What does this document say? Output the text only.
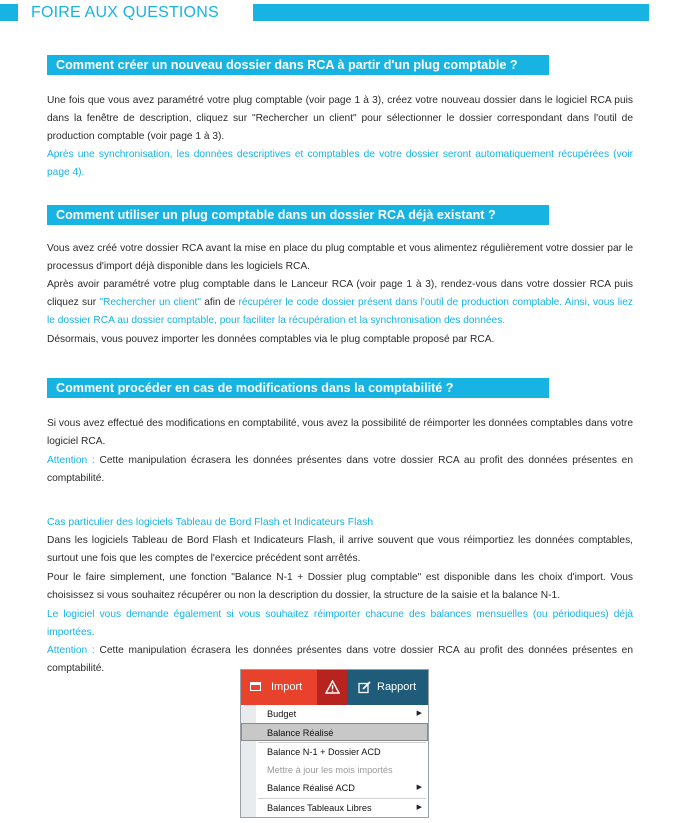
FOIRE AUX QUESTIONS
Comment créer un nouveau dossier dans RCA à partir d'un plug comptable ?

Une fois que vous avez paramétré votre plug comptable (voir page 1 à 3), créez votre nouveau dossier dans le logiciel RCA puis dans la fenêtre de description, cliquez sur "Rechercher un client" pour sélectionner le dossier correspondant dans l'outil de production comptable (voir page 1 à 3).

Après une synchronisation, les données descriptives et comptables de votre dossier seront automatiquement récupérées (voir page 4).

Comment utiliser un plug comptable dans un dossier RCA déjà existant ?

Vous avez créé votre dossier RCA avant la mise en place du plug comptable et vous alimentez régulièrement votre dossier par le processus d'import déjà disponible dans les logiciels RCA.

Après avoir paramétré votre plug comptable dans le Lanceur RCA (voir page 1 à 3), rendez-vous dans votre dossier RCA puis cliquez sur "Rechercher un client" afin de récupérer le code dossier présent dans l'outil de production comptable. Ainsi, vous liez le dossier RCA au dossier comptable, pour faciliter la récupération et la synchronisation des données.

Désormais, vous pouvez importer les données comptables via le plug comptable proposé par RCA.

Comment procéder en cas de modifications dans la comptabilité ?

Si vous avez effectué des modifications en comptabilité, vous avez la possibilité de réimporter les données comptables dans votre logiciel RCA.

Attention : Cette manipulation écrasera les données présentes dans votre dossier RCA au profit des données présentes en comptabilité.

Cas particulier des logiciels Tableau de Bord Flash et Indicateurs Flash

Dans les logiciels Tableau de Bord Flash et Indicateurs Flash, il arrive souvent que vous réimportiez les données comptables, surtout une fois que les comptes de l'exercice précédent sont arrêtés.

Pour le faire simplement, une fonction "Balance N-1 + Dossier plug comptable" est disponible dans les choix d'import. Vous choisissez si vous souhaitez récupérer ou non la description du dossier, la structure de la saisie et la balance N-1.

Le logiciel vous demande également si vous souhaitez réimporter chacune des balances mensuelles (ou périodiques) déjà importées.

Attention : Cette manipulation écrasera les données présentes dans votre dossier RCA au profit des données présentes en comptabilité.

Import	Rapport
Budget	▶
Balance Réalisé
Balance N-1 + Dossier ACD
Mettre à jour les mois importés
Balance Réalisé ACD	▶
Balances Tableaux Libres	▶
